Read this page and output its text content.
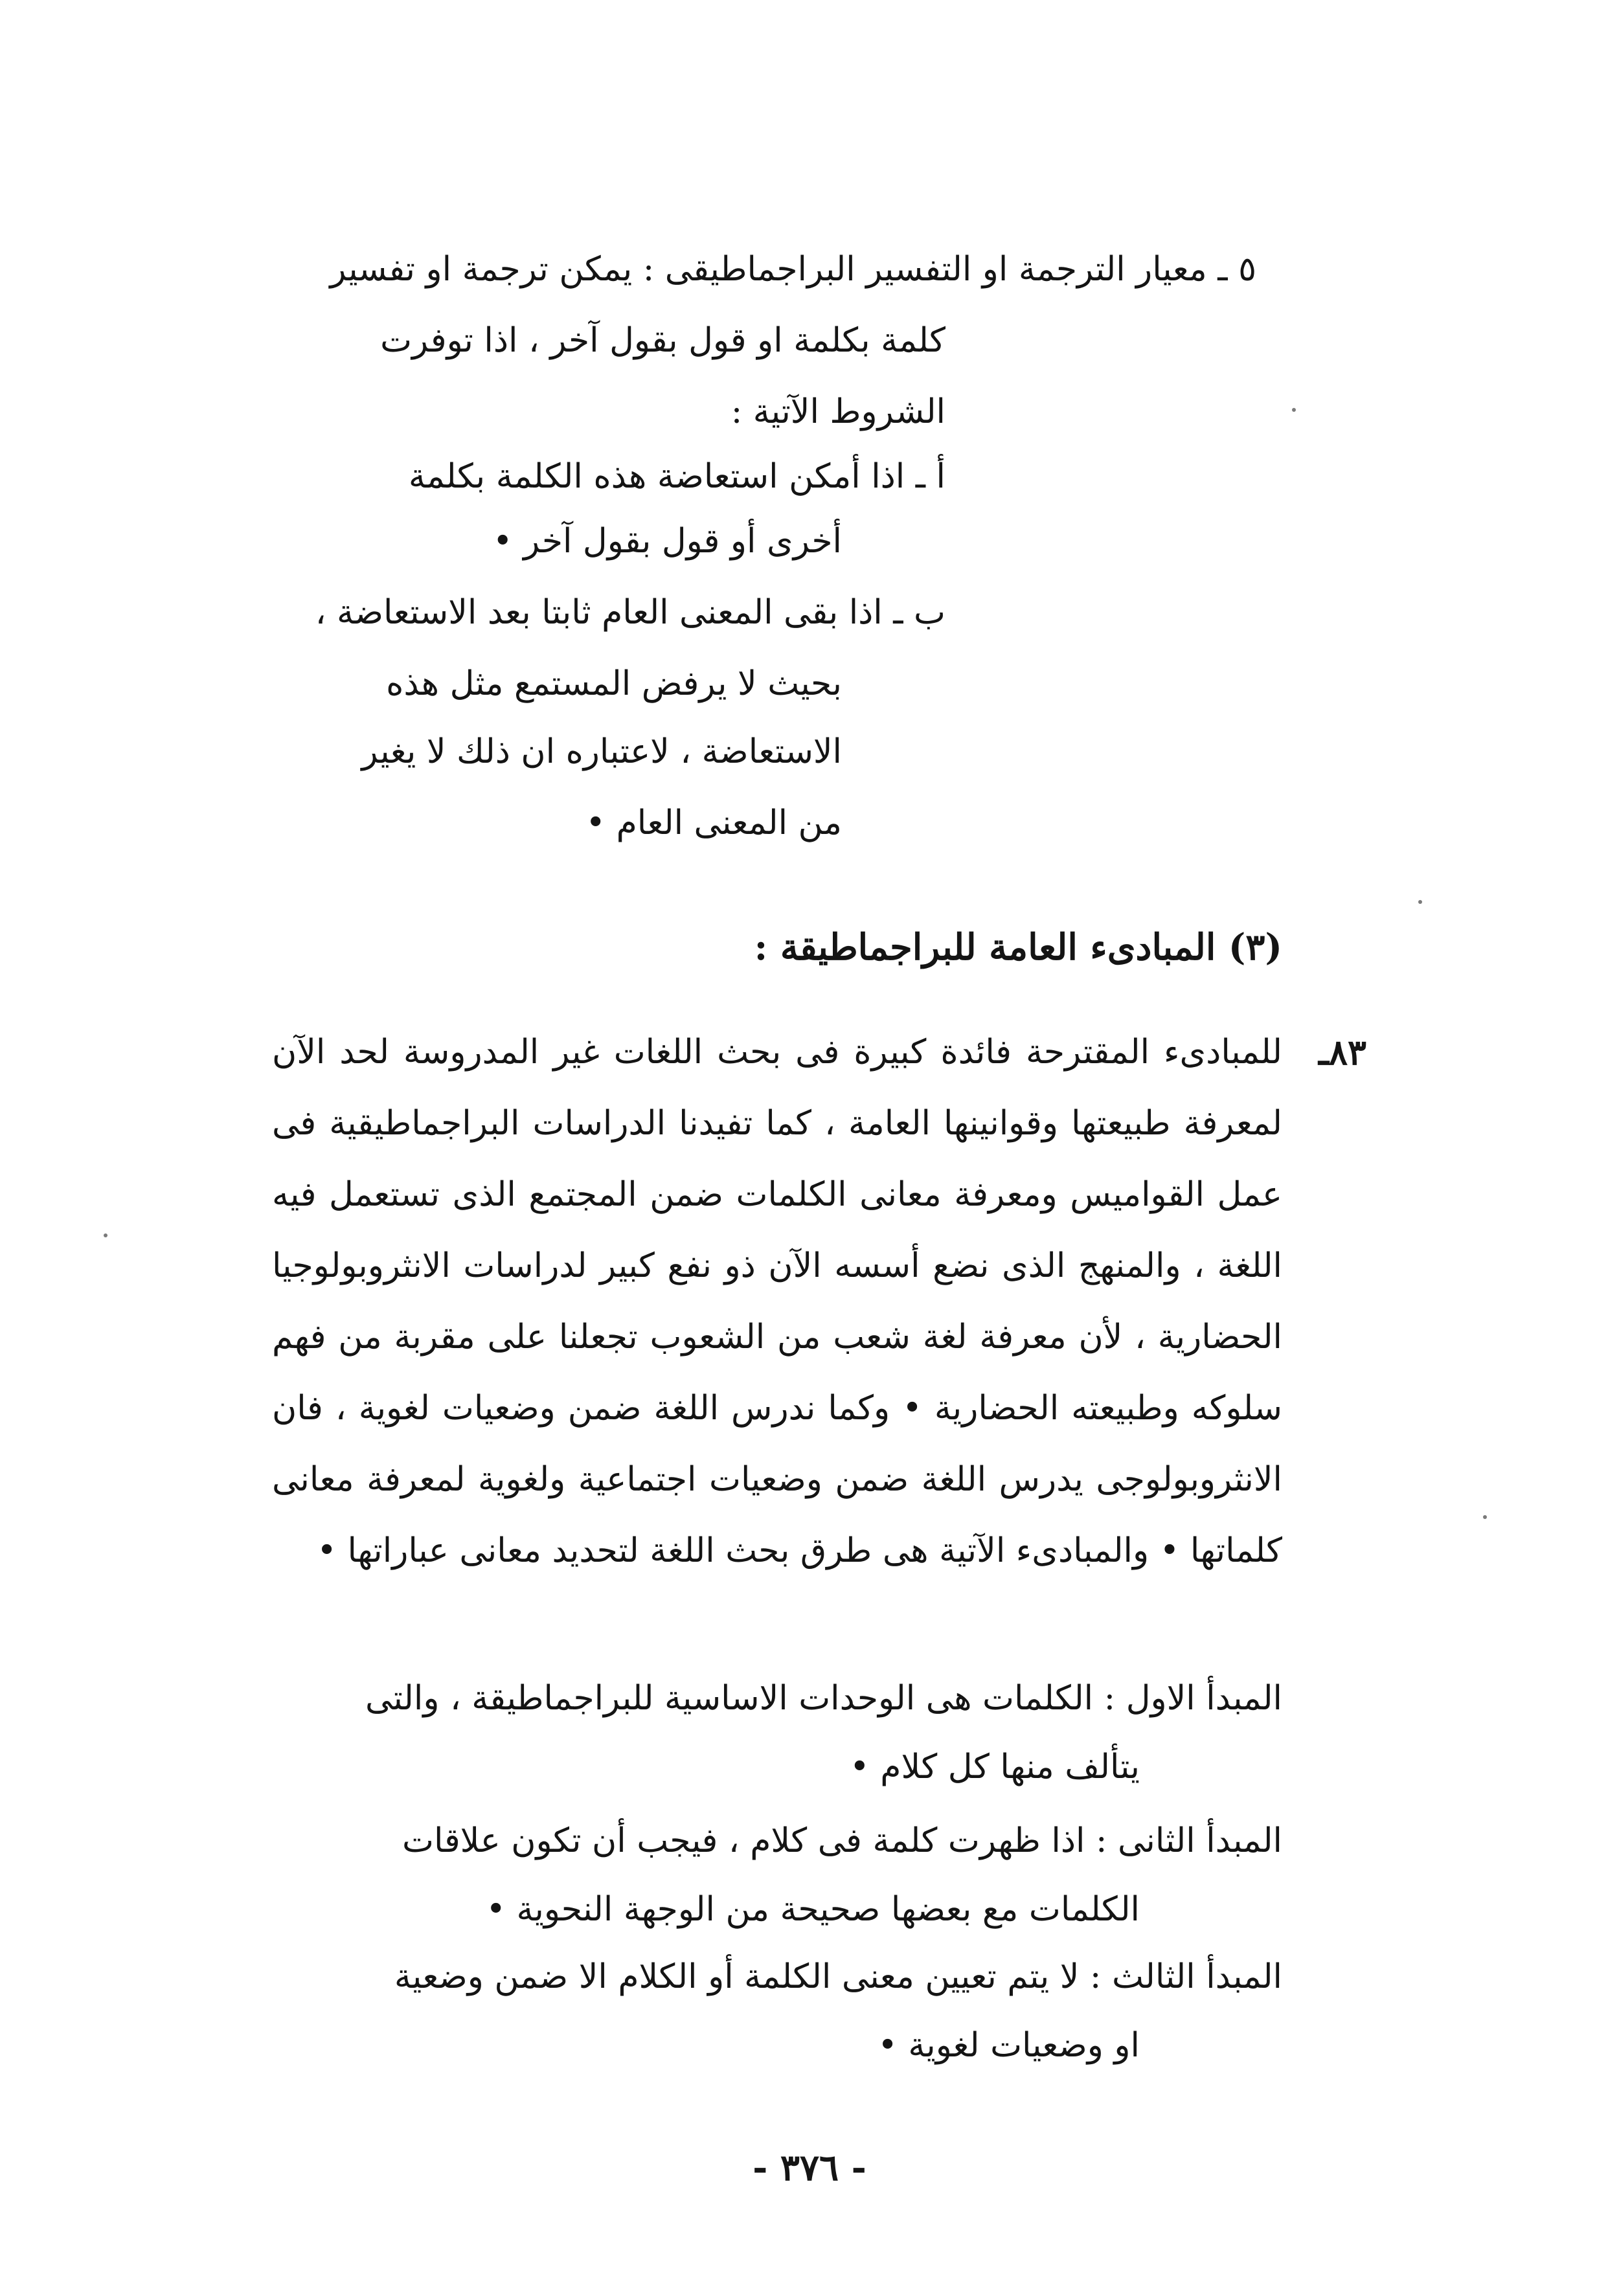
٥ ـ معيار الترجمة او التفسير البراجماطيقى : يمكن ترجمة او تفسير
كلمة بكلمة او قول بقول آخر ، اذا توفرت
الشروط الآتية :
أ ـ اذا أمكن استعاضة هذه الكلمة بكلمة
أخرى أو قول بقول آخر •
ب ـ اذا بقى المعنى العام ثابتا بعد الاستعاضة ،
بحيث لا يرفض المستمع مثل هذه
الاستعاضة ، لاعتباره ان ذلك لا يغير
من المعنى العام •
(٣) المبادىء العامة للبراجماطيقة :
٨٣ـ
للمبادىء المقترحة فائدة كبيرة فى بحث اللغات غير المدروسة لحد الآن لمعرفة طبيعتها وقوانينها العامة ، كما تفيدنا الدراسات البراجماطيقية فى عمل القواميس ومعرفة معانى الكلمات ضمن المجتمع الذى تستعمل فيه اللغة ، والمنهج الذى نضع أسسه الآن ذو نفع كبير لدراسات الانثروبولوجيا الحضارية ، لأن معرفة لغة شعب من الشعوب تجعلنا على مقربة من فهم سلوكه وطبيعته الحضارية • وكما ندرس اللغة ضمن وضعيات لغوية ، فان الانثروبولوجى يدرس اللغة ضمن وضعيات اجتماعية ولغوية لمعرفة معانى كلماتها • والمبادىء الآتية هى طرق بحث اللغة لتحديد معانى عباراتها •
المبدأ الاول : الكلمات هى الوحدات الاساسية للبراجماطيقة ، والتى
يتألف منها كل كلام •
المبدأ الثانى : اذا ظهرت كلمة فى كلام ، فيجب أن تكون علاقات
الكلمات مع بعضها صحيحة من الوجهة النحوية •
المبدأ الثالث : لا يتم تعيين معنى الكلمة أو الكلام الا ضمن وضعية
او وضعيات لغوية •
- ٣٧٦ -
